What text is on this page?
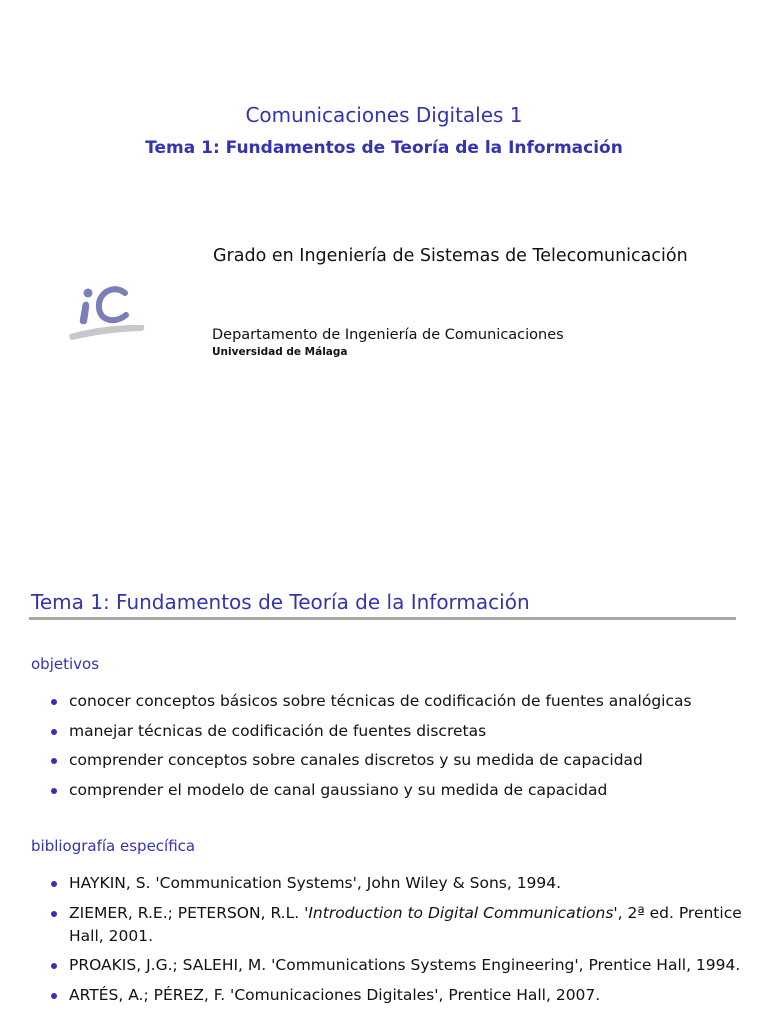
Comunicaciones Digitales 1
Tema 1: Fundamentos de Teoría de la Información
Grado en Ingeniería de Sistemas de Telecomunicación
Departamento de Ingeniería de Comunicaciones
Universidad de Málaga
Tema 1: Fundamentos de Teoría de la Información
objetivos
conocer conceptos básicos sobre técnicas de codificación de fuentes analógicas
manejar técnicas de codificación de fuentes discretas
comprender conceptos sobre canales discretos y su medida de capacidad
comprender el modelo de canal gaussiano y su medida de capacidad
bibliografía específica
HAYKIN, S. 'Communication Systems', John Wiley & Sons, 1994.
ZIEMER, R.E.; PETERSON, R.L. 'Introduction to Digital Communications', 2ª ed. Prentice Hall, 2001.
PROAKIS, J.G.; SALEHI, M. 'Communications Systems Engineering', Prentice Hall, 1994.
ARTÉS, A.; PÉREZ, F. 'Comunicaciones Digitales', Prentice Hall, 2007.
